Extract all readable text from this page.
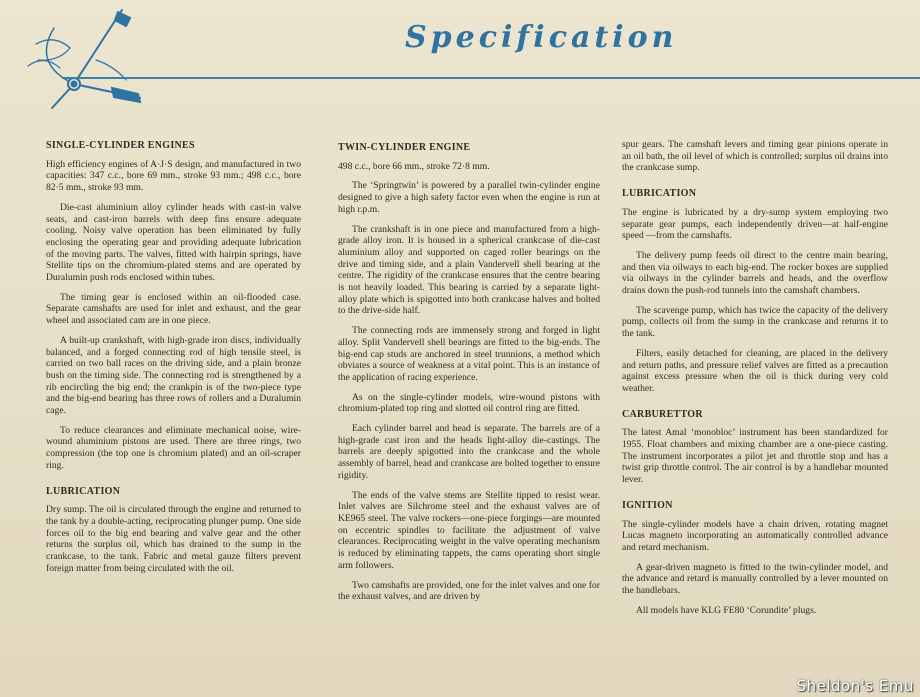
Specification
SINGLE-CYLINDER ENGINES

High efficiency engines of A·J·S design, and manufactured in two capacities: 347 c.c., bore 69 mm., stroke 93 mm.; 498 c.c., bore 82·5 mm., stroke 93 mm.

Die-cast aluminium alloy cylinder heads with cast-in valve seats, and cast-iron barrels with deep fins ensure adequate cooling. Noisy valve operation has been eliminated by fully enclosing the operating gear and providing adequate lubrication of the moving parts. The valves, fitted with hairpin springs, have Stellite tips on the chromium-plated stems and are operated by Duralumin push rods enclosed within tubes.

The timing gear is enclosed within an oil-flooded case. Separate camshafts are used for inlet and exhaust, and the gear wheel and associated cam are in one piece.

A built-up crankshaft, with high-grade iron discs, individually balanced, and a forged connecting rod of high tensile steel, is carried on two ball races on the driving side, and a plain bronze bush on the timing side. The connecting rod is strengthened by a rib encircling the big end; the crankpin is of the two-piece type and the big-end bearing has three rows of rollers and a Duralumin cage.

To reduce clearances and eliminate mechanical noise, wire-wound aluminium pistons are used. There are three rings, two compression (the top one is chromium plated) and an oil-scraper ring.

LUBRICATION

Dry sump. The oil is circulated through the engine and returned to the tank by a double-acting, reciprocating plunger pump. One side forces oil to the big end bearing and valve gear and the other returns the surplus oil, which has drained to the sump in the crankcase, to the tank. Fabric and metal gauze filters prevent foreign matter from being circulated with the oil.

TWIN-CYLINDER ENGINE

498 c.c., bore 66 mm., stroke 72·8 mm.

The ‘Springtwin’ is powered by a parallel twin-cylinder engine designed to give a high safety factor even when the engine is run at high r.p.m.

The crankshaft is in one piece and manufactured from a high-grade alloy iron. It is housed in a spherical crankcase of die-cast aluminium alloy and supported on caged roller bearings on the drive and timing side, and a plain Vandervell shell bearing at the centre. The rigidity of the crankcase ensures that the centre bearing is not heavily loaded. This bearing is carried by a separate light-alloy plate which is spigotted into both crankcase halves and bolted to the drive-side half.

The connecting rods are immensely strong and forged in light alloy. Split Vandervell shell bearings are fitted to the big-ends. The big-end cap studs are anchored in steel trunnions, a method which obviates a source of weakness at a vital point. This is an instance of the application of racing experience.

As on the single-cylinder models, wire-wound pistons with chromium-plated top ring and slotted oil control ring are fitted.

Each cylinder barrel and head is separate. The barrels are of a high-grade cast iron and the heads light-alloy die-castings. The barrels are deeply spigotted into the crankcase and the whole assembly of barrel, head and crankcase are bolted together to ensure rigidity.

The ends of the valve stems are Stellite tipped to resist wear. Inlet valves are Silchrome steel and the exhaust valves are of KE965 steel. The valve rockers—one-piece forgings—are mounted on eccentric spindles to facilitate the adjustment of valve clearances. Reciprocating weight in the valve operating mechanism is reduced by eliminating tappets, the cams operating short single arm followers.

Two camshafts are provided, one for the inlet valves and one for the exhaust valves, and are driven by

spur gears. The camshaft levers and timing gear pinions operate in an oil bath, the oil level of which is controlled; surplus oil drains into the crankcase sump.

LUBRICATION

The engine is lubricated by a dry-sump system employing two separate gear pumps, each independently driven—at half-engine speed —from the camshafts.

The delivery pump feeds oil direct to the centre main bearing, and then via oilways to each big-end. The rocker boxes are supplied via oilways in the cylinder barrels and heads, and the overflow drains down the push-rod tunnels into the camshaft chambers.

The scavenge pump, which has twice the capacity of the delivery pump, collects oil from the sump in the crankcase and returns it to the tank.

Filters, easily detached for cleaning, are placed in the delivery and return paths, and pressure relief valves are fitted as a precaution against excess pressure when the oil is thick during very cold weather.

CARBURETTOR

The latest Amal ‘monobloc’ instrument has been standardized for 1955. Float chambers and mixing chamber are a one-piece casting. The instrument incorporates a pilot jet and throttle stop and has a twist grip throttle control. The air control is by a handlebar mounted lever.

IGNITION

The single-cylinder models have a chain driven, rotating magnet Lucas magneto incorporating an automatically controlled advance and retard mechanism.

A gear-driven magneto is fitted to the twin-cylinder model, and the advance and retard is manually controlled by a lever mounted on the handlebars.

All models have KLG FE80 ‘Corundite’ plugs.

Sheldon's Emu
